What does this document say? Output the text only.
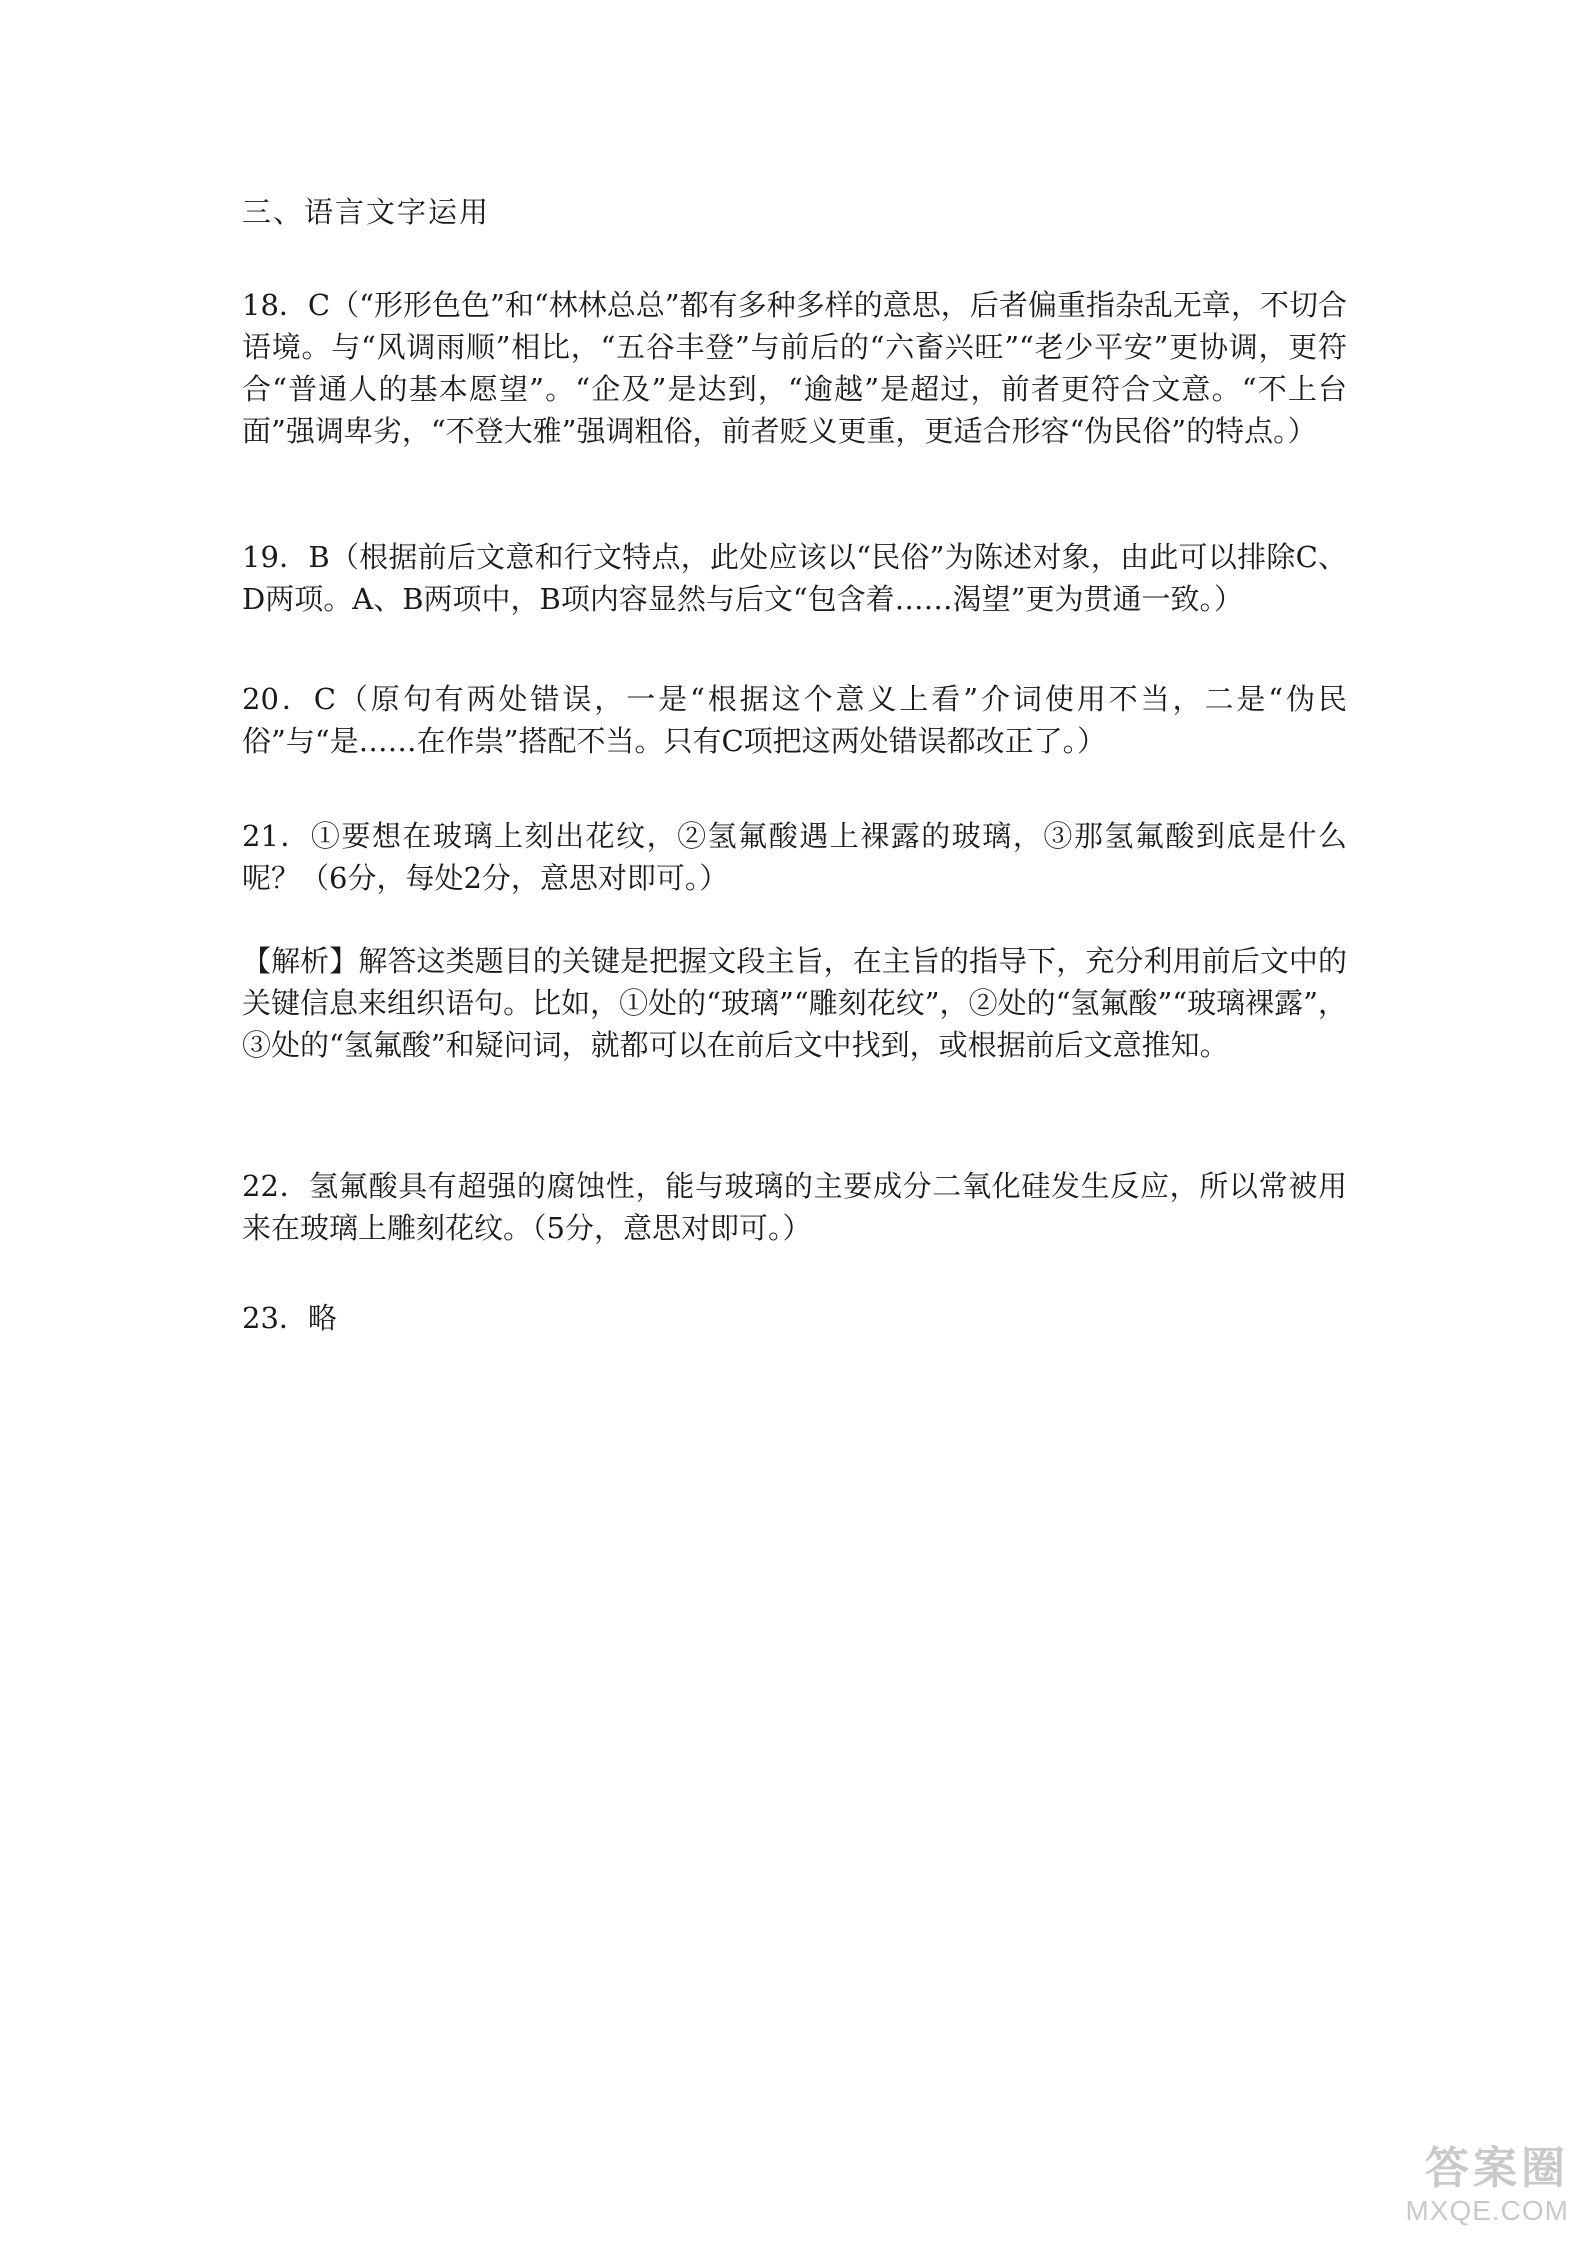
三、语言文字运用
18．C（“形形色色”和“林林总总”都有多种多样的意思，后者偏重指杂乱无章，不切合语境。与“风调雨顺”相比，“五谷丰登”与前后的“六畜兴旺”“老少平安”更协调，更符合“普通人的基本愿望”。“企及”是达到，“逾越”是超过，前者更符合文意。“不上台面”强调卑劣，“不登大雅”强调粗俗，前者贬义更重，更适合形容“伪民俗”的特点。）
19．B（根据前后文意和行文特点，此处应该以“民俗”为陈述对象，由此可以排除C、D两项。A、B两项中，B项内容显然与后文“包含着……渴望”更为贯通一致。）
20．C（原句有两处错误，一是“根据这个意义上看”介词使用不当，二是“伪民俗”与“是……在作祟”搭配不当。只有C项把这两处错误都改正了。）
21．①要想在玻璃上刻出花纹，②氢氟酸遇上裸露的玻璃，③那氢氟酸到底是什么呢？（6分，每处2分，意思对即可。）
【解析】解答这类题目的关键是把握文段主旨，在主旨的指导下，充分利用前后文中的关键信息来组织语句。比如，①处的“玻璃”“雕刻花纹”，②处的“氢氟酸”“玻璃裸露”，③处的“氢氟酸”和疑问词，就都可以在前后文中找到，或根据前后文意推知。
22．氢氟酸具有超强的腐蚀性，能与玻璃的主要成分二氧化硅发生反应，所以常被用来在玻璃上雕刻花纹。（5分，意思对即可。）
23．略
答案圈
MXQE.COM
